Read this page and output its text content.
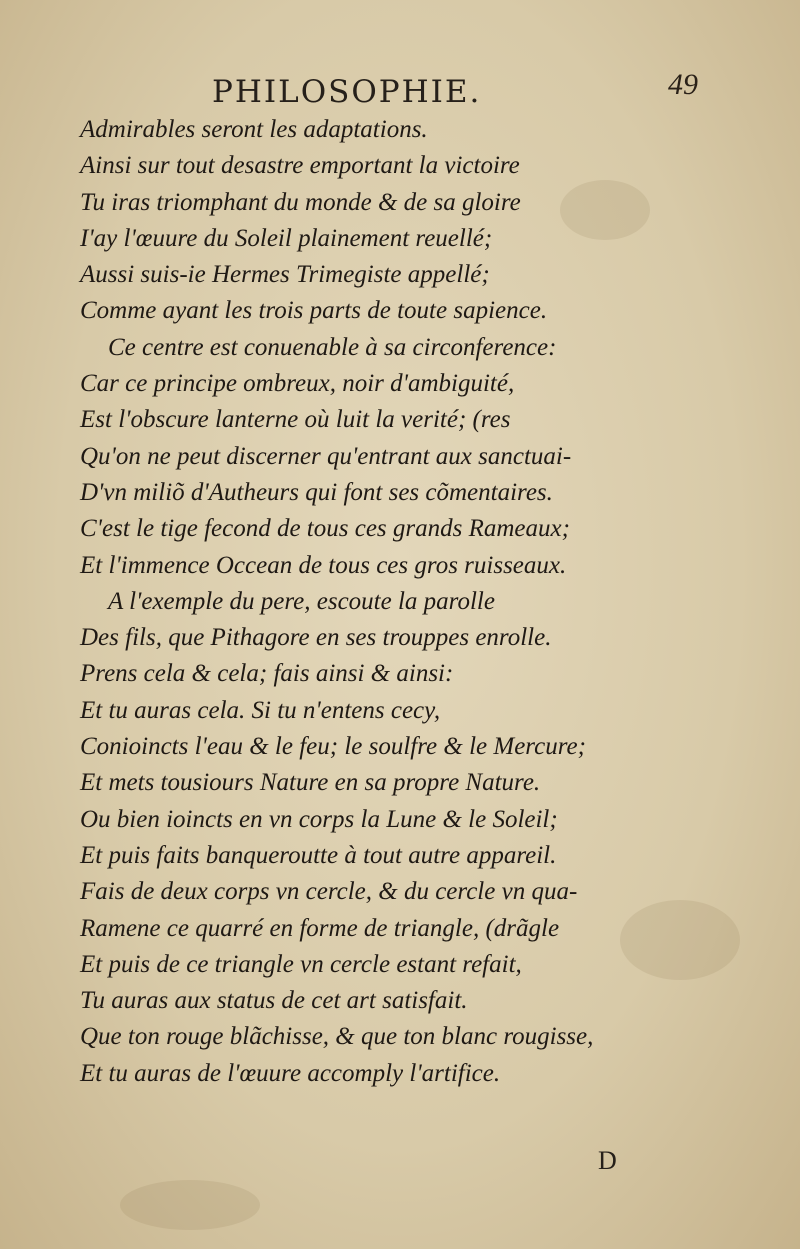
PHILOSOPHIE.	49
Admirables seront les adaptations.
Ainsi sur tout desastre emportant la victoire
Tu iras triomphant du monde & de sa gloire
I'ay l'œuure du Soleil plainement reuellé;
Aussi suis-ie Hermes Trimegiste appellé;
Comme ayant les trois parts de toute sapience.
Ce centre est conuenable à sa circonference:
Car ce principe ombreux, noir d'ambiguité,
Est l'obscure lanterne où luit la verité; (res
Qu'on ne peut discerner qu'entrant aux sanctuai-
D'vn miliõ d'Autheurs qui font ses cõmentaires.
C'est le tige fecond de tous ces grands Rameaux;
Et l'immence Occean de tous ces gros ruisseaux.
A l'exemple du pere, escoute la parolle
Des fils, que Pithagore en ses trouppes enrolle.
Prens cela & cela; fais ainsi & ainsi:
Et tu auras cela. Si tu n'entens cecy,
Conioincts l'eau & le feu; le soulfre & le Mercure;
Et mets tousiours Nature en sa propre Nature.
Ou bien ioincts en vn corps la Lune & le Soleil;
Et puis faits banqueroutte à tout autre appareil.
Fais de deux corps vn cercle, & du cercle vn qua-
Ramene ce quarré en forme de triangle, (drãgle
Et puis de ce triangle vn cercle estant refait,
Tu auras aux status de cet art satisfait.
Que ton rouge blãchisse, & que ton blanc rougisse,
Et tu auras de l'œuure accomply l'artifice.
D
